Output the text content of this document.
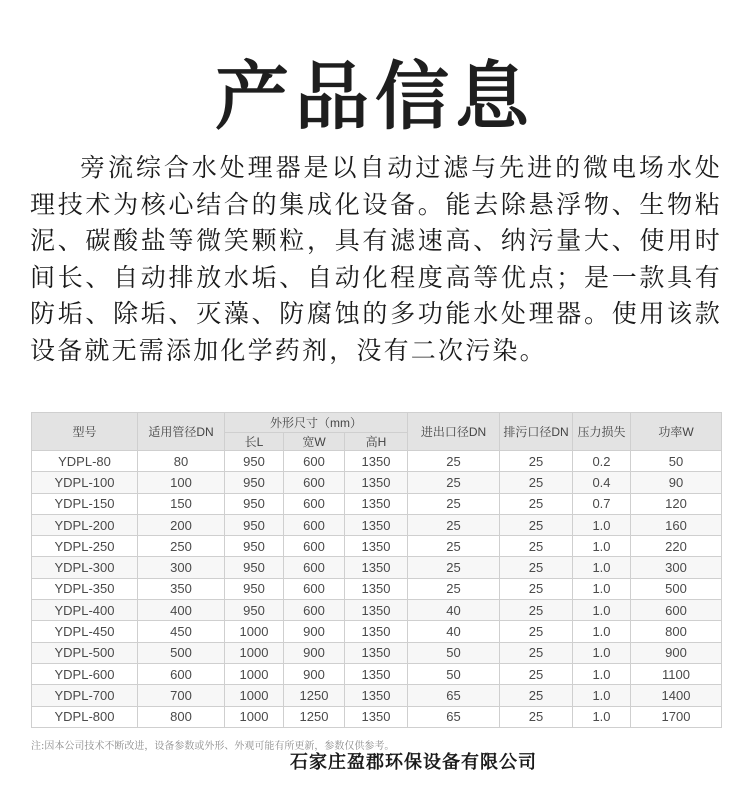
产品信息
旁流综合水处理器是以自动过滤与先进的微电场水处理技术为核心结合的集成化设备。能去除悬浮物、生物粘泥、碳酸盐等微笑颗粒，具有滤速高、纳污量大、使用时间长、自动排放水垢、自动化程度高等优点；是一款具有防垢、除垢、灭藻、防腐蚀的多功能水处理器。使用该款设备就无需添加化学药剂，没有二次污染。
型号	适用管径DN	外形尺寸（mm）			进出口径DN	排污口径DN	压力损失	功率W
		长L	宽W	高H				
YDPL-80	80	950	600	1350	25	25	0.2	50
YDPL-100	100	950	600	1350	25	25	0.4	90
YDPL-150	150	950	600	1350	25	25	0.7	120
YDPL-200	200	950	600	1350	25	25	1.0	160
YDPL-250	250	950	600	1350	25	25	1.0	220
YDPL-300	300	950	600	1350	25	25	1.0	300
YDPL-350	350	950	600	1350	25	25	1.0	500
YDPL-400	400	950	600	1350	40	25	1.0	600
YDPL-450	450	1000	900	1350	40	25	1.0	800
YDPL-500	500	1000	900	1350	50	25	1.0	900
YDPL-600	600	1000	900	1350	50	25	1.0	1100
YDPL-700	700	1000	1250	1350	65	25	1.0	1400
YDPL-800	800	1000	1250	1350	65	25	1.0	1700
注:因本公司技术不断改进，设备参数或外形、外观可能有所更新，参数仅供参考。
石家庄盈郡环保设备有限公司
